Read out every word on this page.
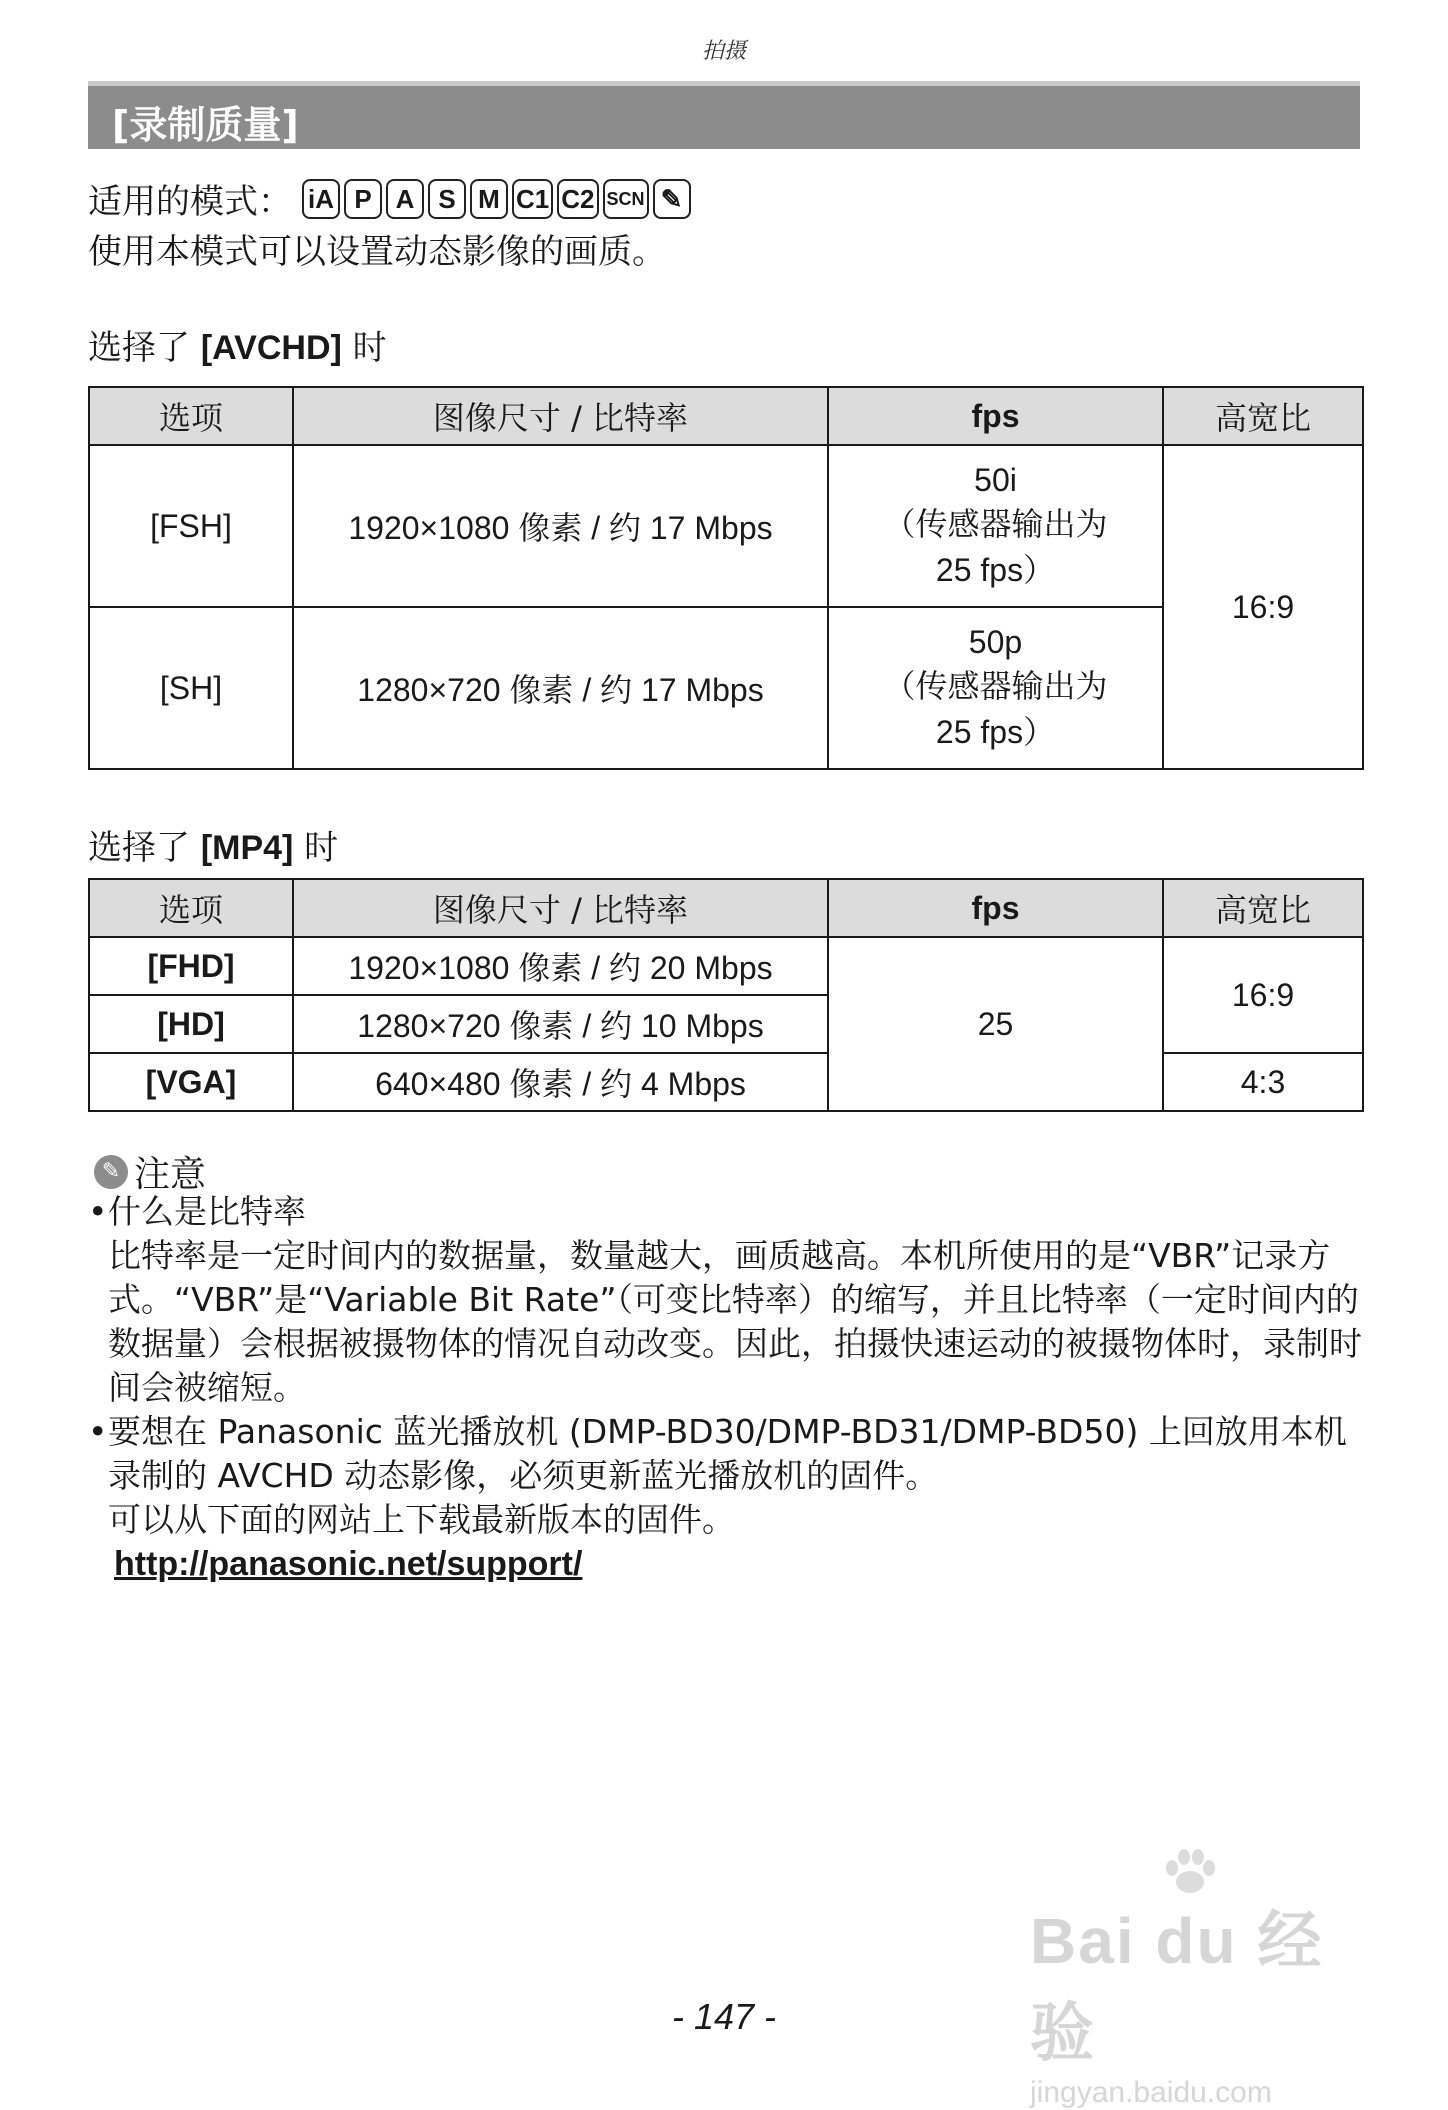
拍摄
[录制质量]
适用的模式： iA P A S M C1 C2 SCN ✎
使用本模式可以设置动态影像的画质。
选择了 [AVCHD] 时
选项	图像尺寸 / 比特率	fps	高宽比
[FSH]	1920×1080 像素 / 约 17 Mbps	50i
（传感器输出为
25 fps）	16:9
[SH]	1280×720 像素 / 约 17 Mbps	50p
（传感器输出为
25 fps）	
选择了 [MP4] 时
选项	图像尺寸 / 比特率	fps	高宽比
[FHD]	1920×1080 像素 / 约 20 Mbps	25	16:9
[HD]	1280×720 像素 / 约 10 Mbps		
[VGA]	640×480 像素 / 约 4 Mbps		4:3
✎ 注意
• 什么是比特率
比特率是一定时间内的数据量，数量越大，画质越高。本机所使用的是“VBR”记录方式。“VBR”是“Variable Bit Rate”（可变比特率）的缩写，并且比特率（一定时间内的数据量）会根据被摄物体的情况自动改变。因此，拍摄快速运动的被摄物体时，录制时间会被缩短。
• 要想在 Panasonic 蓝光播放机 (DMP-BD30/DMP-BD31/DMP-BD50) 上回放用本机录制的 AVCHD 动态影像，必须更新蓝光播放机的固件。
可以从下面的网站上下载最新版本的固件。
http://panasonic.net/support/
Bai du 经验
jingyan.baidu.com
- 147 -
